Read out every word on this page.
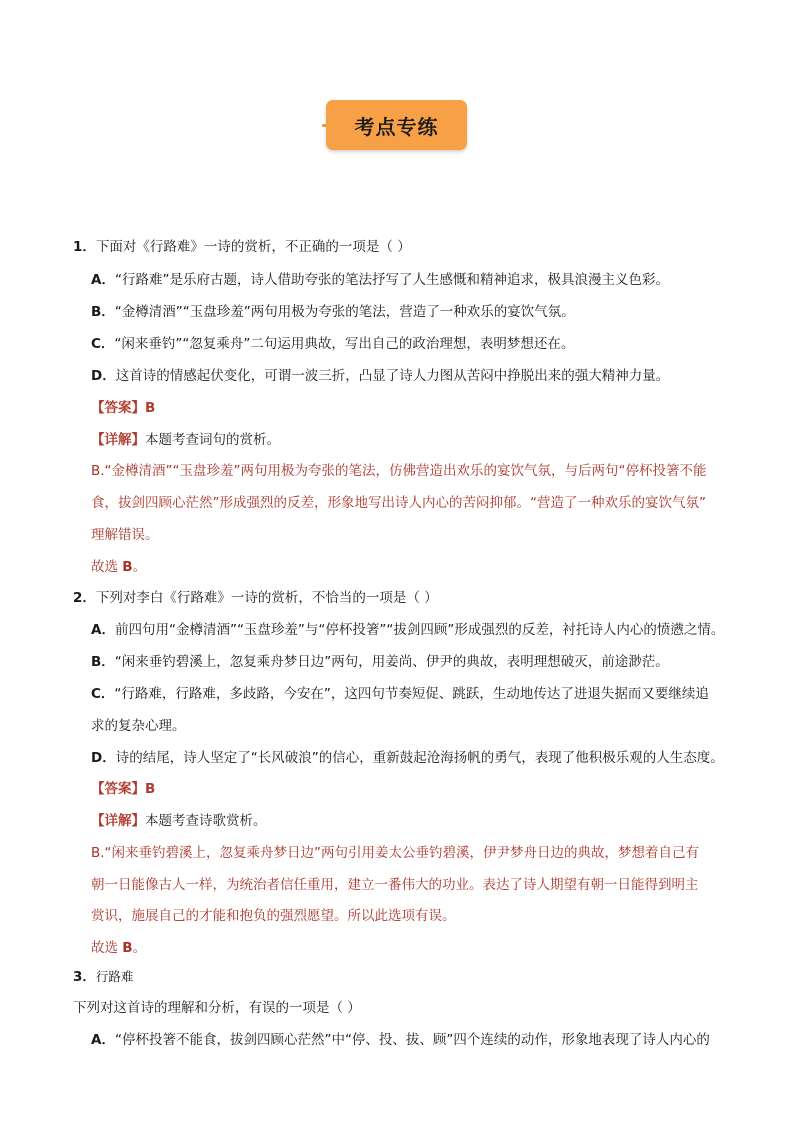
考点专练
1．下面对《行路难》一诗的赏析，不正确的一项是（ ）
A．“行路难”是乐府古题，诗人借助夸张的笔法抒写了人生感慨和精神追求，极具浪漫主义色彩。
B．“金樽清酒”“玉盘珍羞”两句用极为夸张的笔法，营造了一种欢乐的宴饮气氛。
C．“闲来垂钓”“忽复乘舟”二句运用典故，写出自己的政治理想，表明梦想还在。
D．这首诗的情感起伏变化，可谓一波三折，凸显了诗人力图从苦闷中挣脱出来的强大精神力量。
【答案】B
【详解】本题考查词句的赏析。
B.“金樽清酒”“玉盘珍羞”两句用极为夸张的笔法，仿佛营造出欢乐的宴饮气氛，与后两句“停杯投箸不能
食，拔剑四顾心茫然”形成强烈的反差，形象地写出诗人内心的苦闷抑郁。“营造了一种欢乐的宴饮气氛”
理解错误。
故选 B。
2．下列对李白《行路难》一诗的赏析，不恰当的一项是（ ）
A．前四句用“金樽清酒”“玉盘珍羞”与“停杯投箸”“拔剑四顾”形成强烈的反差，衬托诗人内心的愤懑之情。
B．“闲来垂钓碧溪上，忽复乘舟梦日边”两句，用姜尚、伊尹的典故，表明理想破灭，前途渺茫。
C．“行路难，行路难，多歧路，今安在”，这四句节奏短促、跳跃，生动地传达了进退失据而又要继续追
求的复杂心理。
D．诗的结尾，诗人坚定了“长风破浪”的信心，重新鼓起沧海扬帆的勇气，表现了他积极乐观的人生态度。
【答案】B
【详解】本题考查诗歌赏析。
B.“闲来垂钓碧溪上，忽复乘舟梦日边”两句引用姜太公垂钓碧溪，伊尹梦舟日边的典故，梦想着自己有
朝一日能像古人一样，为统治者信任重用，建立一番伟大的功业。表达了诗人期望有朝一日能得到明主
赏识，施展自己的才能和抱负的强烈愿望。所以此选项有误。
故选 B。
3．行路难
下列对这首诗的理解和分析，有误的一项是（ ）
A．“停杯投箸不能食，拔剑四顾心茫然”中“停、投、拔、顾”四个连续的动作，形象地表现了诗人内心的
